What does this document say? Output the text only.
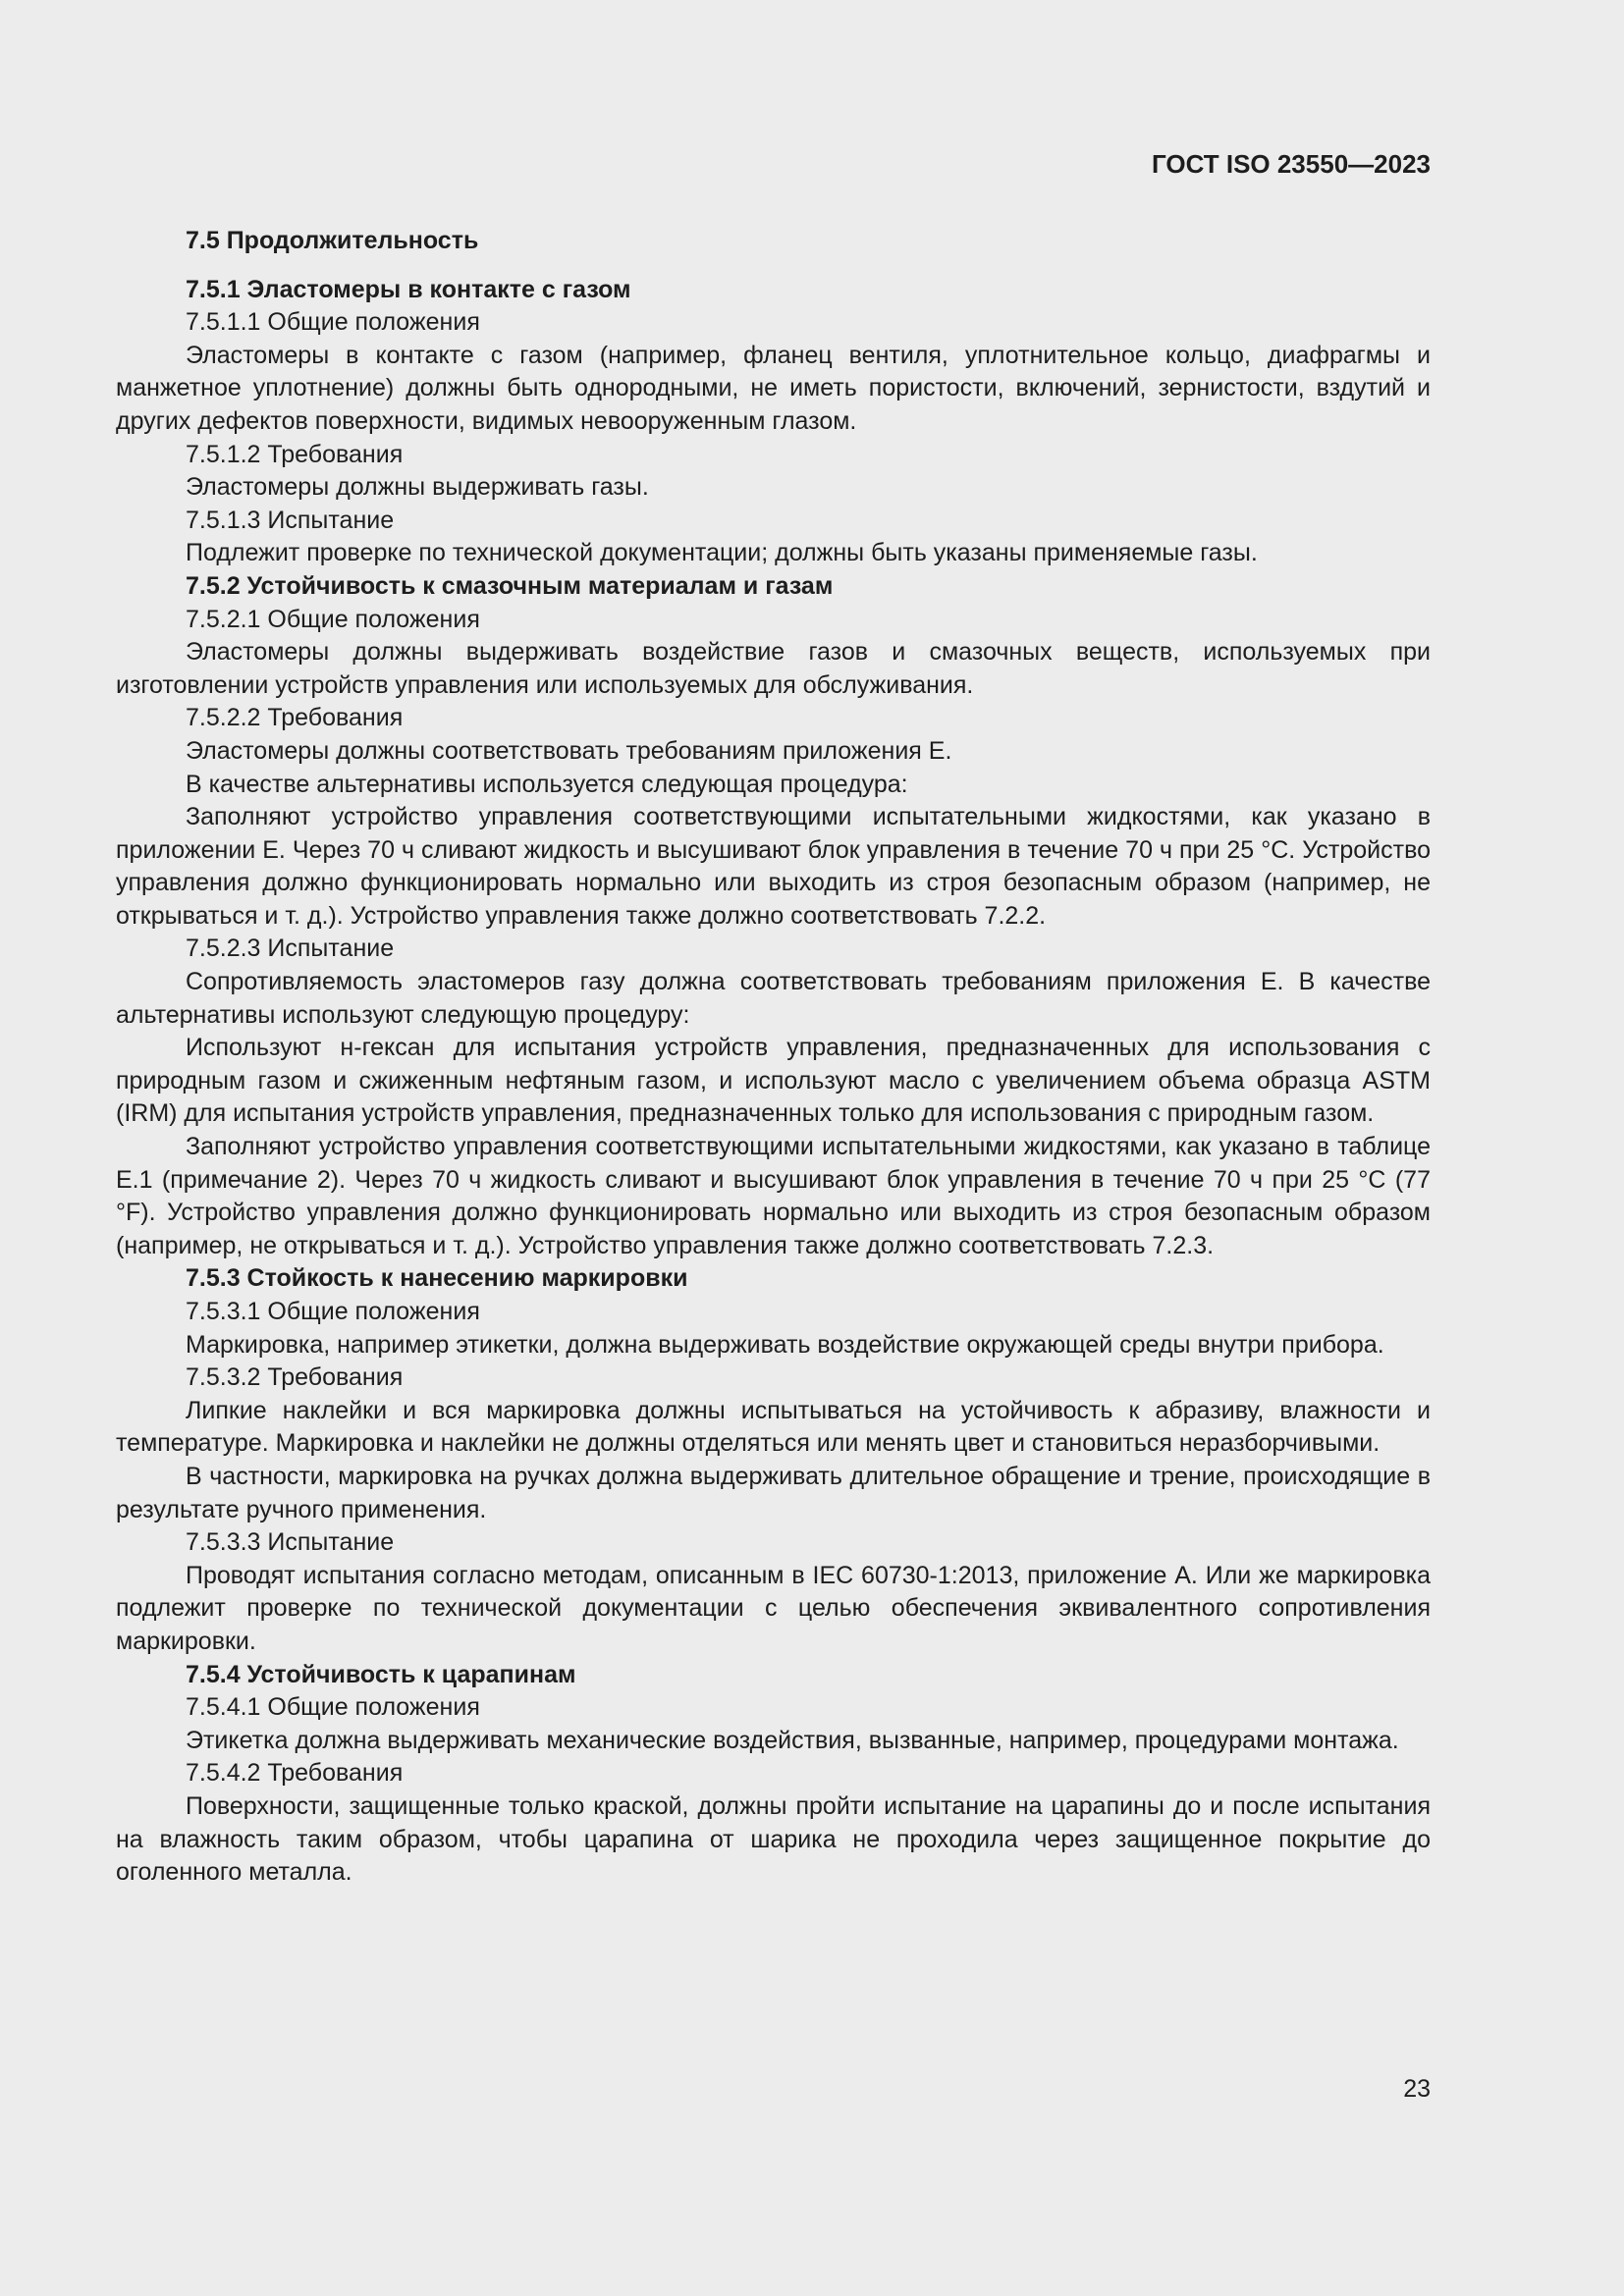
ГОСТ ISO 23550—2023

7.5 Продолжительность

7.5.1 Эластомеры в контакте с газом

7.5.1.1 Общие положения

Эластомеры в контакте с газом (например, фланец вентиля, уплотнительное кольцо, диафрагмы и манжетное уплотнение) должны быть однородными, не иметь пористости, включений, зернистости, вздутий и других дефектов поверхности, видимых невооруженным глазом.

7.5.1.2 Требования

Эластомеры должны выдерживать газы.

7.5.1.3 Испытание

Подлежит проверке по технической документации; должны быть указаны применяемые газы.

7.5.2 Устойчивость к смазочным материалам и газам

7.5.2.1 Общие положения

Эластомеры должны выдерживать воздействие газов и смазочных веществ, используемых при изготовлении устройств управления или используемых для обслуживания.

7.5.2.2 Требования

Эластомеры должны соответствовать требованиям приложения Е.

В качестве альтернативы используется следующая процедура:

Заполняют устройство управления соответствующими испытательными жидкостями, как указано в приложении Е. Через 70 ч сливают жидкость и высушивают блок управления в течение 70 ч при 25 °С. Устройство управления должно функционировать нормально или выходить из строя безопасным образом (например, не открываться и т. д.). Устройство управления также должно соответствовать 7.2.2.

7.5.2.3 Испытание

Сопротивляемость эластомеров газу должна соответствовать требованиям приложения Е. В качестве альтернативы используют следующую процедуру:

Используют н-гексан для испытания устройств управления, предназначенных для использования с природным газом и сжиженным нефтяным газом, и используют масло с увеличением объема образца ASTM (IRM) для испытания устройств управления, предназначенных только для использования с природным газом.

Заполняют устройство управления соответствующими испытательными жидкостями, как указано в таблице Е.1 (примечание 2). Через 70 ч жидкость сливают и высушивают блок управления в течение 70 ч при 25 °С (77 °F). Устройство управления должно функционировать нормально или выходить из строя безопасным образом (например, не открываться и т. д.). Устройство управления также должно соответствовать 7.2.3.

7.5.3 Стойкость к нанесению маркировки

7.5.3.1 Общие положения

Маркировка, например этикетки, должна выдерживать воздействие окружающей среды внутри прибора.

7.5.3.2 Требования

Липкие наклейки и вся маркировка должны испытываться на устойчивость к абразиву, влажности и температуре. Маркировка и наклейки не должны отделяться или менять цвет и становиться неразборчивыми.

В частности, маркировка на ручках должна выдерживать длительное обращение и трение, происходящие в результате ручного применения.

7.5.3.3 Испытание

Проводят испытания согласно методам, описанным в IEC 60730-1:2013, приложение А. Или же маркировка подлежит проверке по технической документации с целью обеспечения эквивалентного сопротивления маркировки.

7.5.4 Устойчивость к царапинам

7.5.4.1 Общие положения

Этикетка должна выдерживать механические воздействия, вызванные, например, процедурами монтажа.

7.5.4.2 Требования

Поверхности, защищенные только краской, должны пройти испытание на царапины до и после испытания на влажность таким образом, чтобы царапина от шарика не проходила через защищенное покрытие до оголенного металла.

23
